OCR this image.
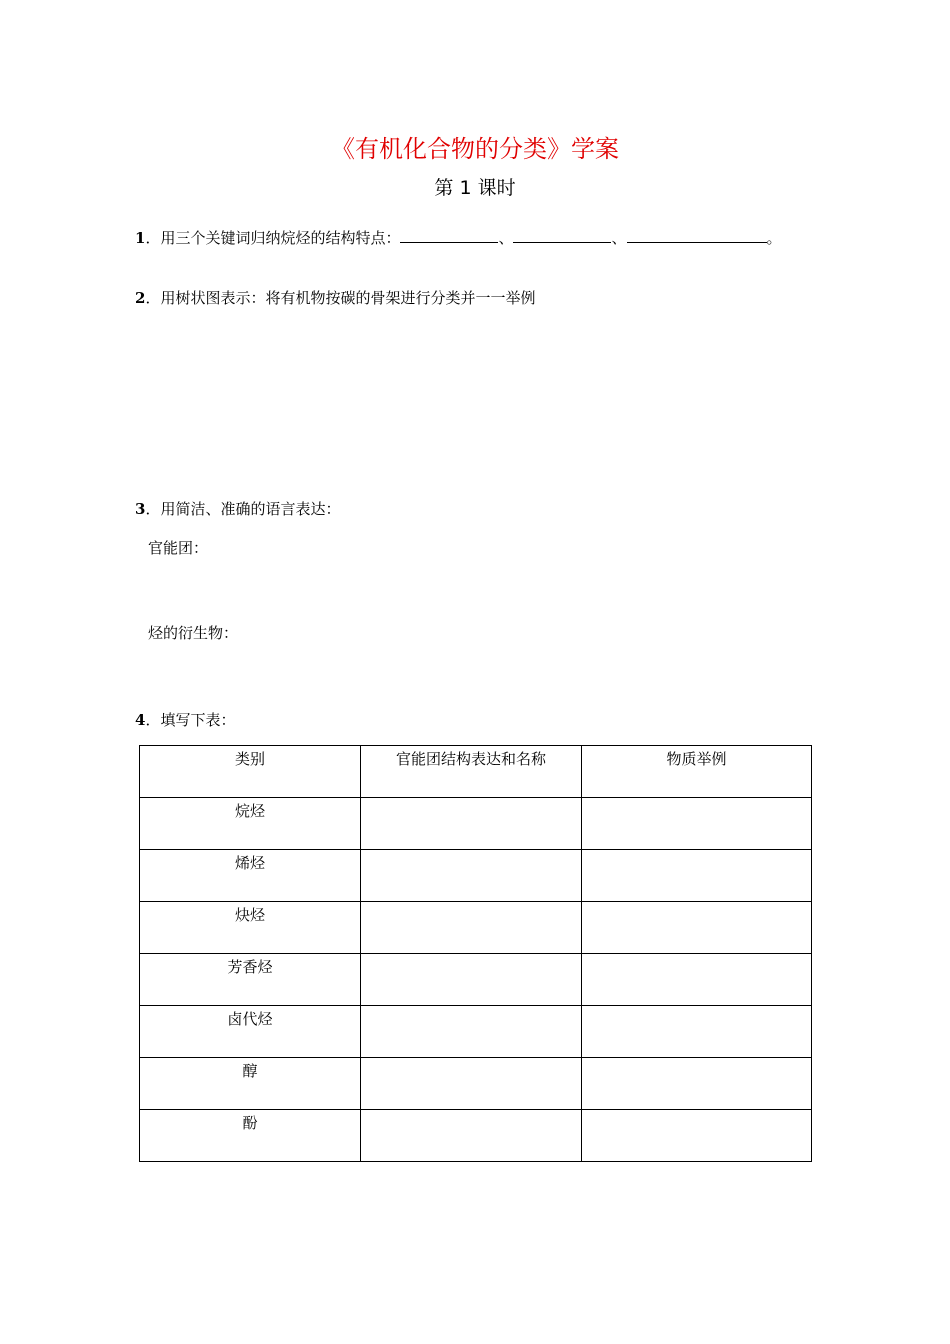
《有机化合物的分类》学案
第 1 课时
1．用三个关键词归纳烷烃的结构特点：	、	、	。
2．用树状图表示：将有机物按碳的骨架进行分类并一一举例
3．用简洁、准确的语言表达：
官能团：
烃的衍生物：
4．填写下表：
类别	官能团结构表达和名称	物质举例
烷烃		
烯烃		
炔烃		
芳香烃		
卤代烃		
醇		
酚		
